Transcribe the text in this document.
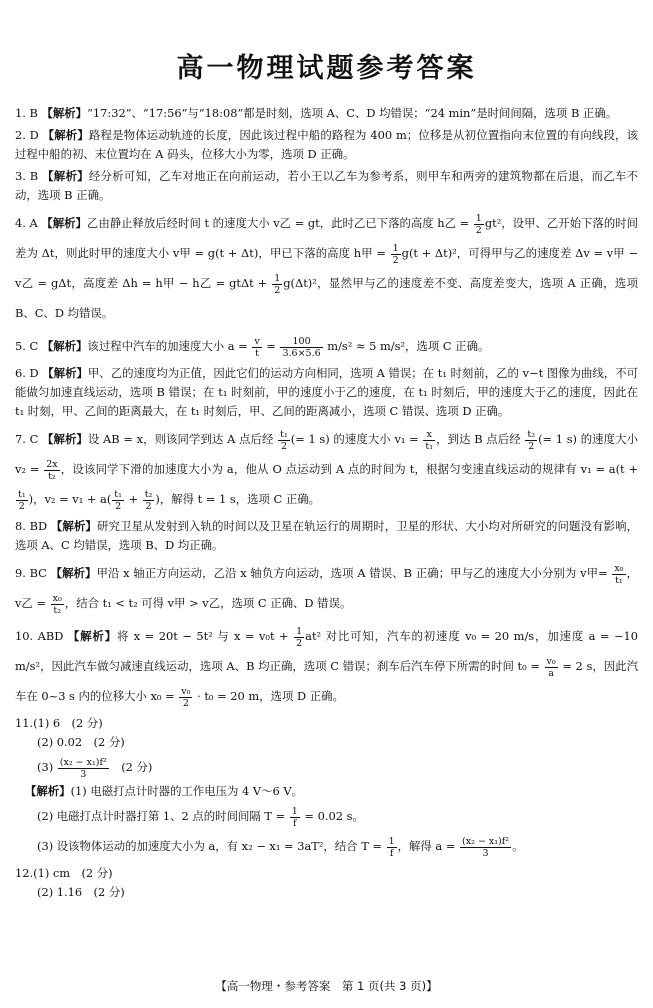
高一物理试题参考答案

1. B 【解析】“17:32”、“17:56”与“18:08”都是时刻，选项 A、C、D 均错误；“24 min”是时间间隔，选项 B 正确。

2. D 【解析】路程是物体运动轨迹的长度，因此该过程中船的路程为 400 m；位移是从初位置指向末位置的有向线段，该过程中船的初、末位置均在 A 码头，位移大小为零，选项 D 正确。

3. B 【解析】经分析可知，乙车对地正在向前运动，若小王以乙车为参考系，则甲车和两旁的建筑物都在后退，而乙车不动，选项 B 正确。

4. A 【解析】乙由静止释放后经时间 t 的速度大小 v乙 = gt，此时乙已下落的高度 h乙 = $\frac{1}{2} gt^2$，设甲、乙开始下落的时间差为 Δt，则此时甲的速度大小 v甲 = g(t + Δt)，甲已下落的高度 h甲 = $\frac{1}{2} g(t + \Delta t)^2$，可得甲与乙的速度差 Δv = v甲 − v乙 = gΔt，高度差 Δh = h甲 − h乙 = $gt\Delta t + \frac{1}{2} g(\Delta t)^2$，显然甲与乙的速度差不变、高度差变大，选项 A 正确，选项 B、C、D 均错误。

5. C 【解析】该过程中汽车的加速度大小 $a = \frac{v}{t} = \frac{100}{3.6\times 5.6} m/s^2 \approx 5$ m/s²，选项 C 正确。

6. D 【解析】甲、乙的速度均为正值，因此它们的运动方向相同，选项 A 错误；在 t₁ 时刻前，乙的 v−t 图像为曲线，不可能做匀加速直线运动，选项 B 错误；在 t₁ 时刻前，甲的速度小于乙的速度，在 t₁ 时刻后，甲的速度大于乙的速度，因此在 t₁ 时刻，甲、乙间的距离最大，在 t₁ 时刻后，甲、乙间的距离减小，选项 C 错误、选项 D 正确。

7. C 【解析】设 AB = x，则该同学到达 A 点后经 $\frac{\text{t₁}}{2}$ (= 1 s) 的速度大小 $v_1 = \frac{x}{\text{t₁}}$ ，到达 B 点后经 $\frac{\text{t₂}}{2}$ (= 1 s) 的速度大小 $v_2 = \frac{2x}{\text{t₂}}$ ，设该同学下滑的加速度大小为 a，他从 O 点运动到 A 点的时间为 t，根据匀变速直线运动的规律有 v₁ = a(t +
$\frac{\text{t₁}}{2}$ )，$v_2 = v_1 + a( \frac{\text{t₁}}{2} + \frac{\text{t₂}}{2}$ )，解得 t = 1 s，选项 C 正确。

8. BD 【解析】研究卫星从发射到入轨的时间以及卫星在轨运行的周期时，卫星的形状、大小均对所研究的问题没有影响，选项 A、C 均错误，选项 B、D 均正确。

9. BC 【解析】甲沿 x 轴正方向运动，乙沿 x 轴负方向运动，选项 A 错误、B 正确；甲与乙的速度大小分别为 v甲= $\frac{\text{x₀}}{\text{t₁}}$ ，v乙 = $\frac{\text{x₀}}{\text{t₂}}$ ，结合 t₁ < t₂ 可得 v甲 > v乙，选项 C 正确、D 错误。

10. ABD 【解析】将 x = 20t − 5t² 与 $x = v_0t + \frac{1}{2} at^2$ 对比可知，汽车的初速度 v₀ = 20 m/s，加速度 a = −10 m/s²，因此汽车做匀减速直线运动，选项 A、B 均正确，选项 C 错误；刹车后汽车停下所需的时间 $t_0 = \frac{\text{v₀}}{a} = 2$ s，因此汽车在 0~3 s 内的位移大小 $x_0 = \frac{\text{v₀}}{2} \cdot t_0 = 20$ m，选项 D 正确。

11.(1) 6　(2 分)

(2) 0.02　(2 分)

$(3) \frac{\text{(x₂ − x₁)f²}}{3}$ 　(2 分)

【解析】(1) 电磁打点计时器的工作电压为 4 V～6 V。

(2) 电磁打点计时器打第 1、2 点的时间间隔 $T = \frac{1}{f} = 0.02$ s。

(3) 设该物体运动的加速度大小为 a，有 x₂ − x₁ = 3aT²，结合 $T = \frac{1}{f}$ ，解得 $a = \frac{\text{(x₂ − x₁)f²}}{3}$ 。

12.(1) cm　(2 分)

(2) 1.16　(2 分)

【高一物理・参考答案　第 1 页(共 3 页)】
